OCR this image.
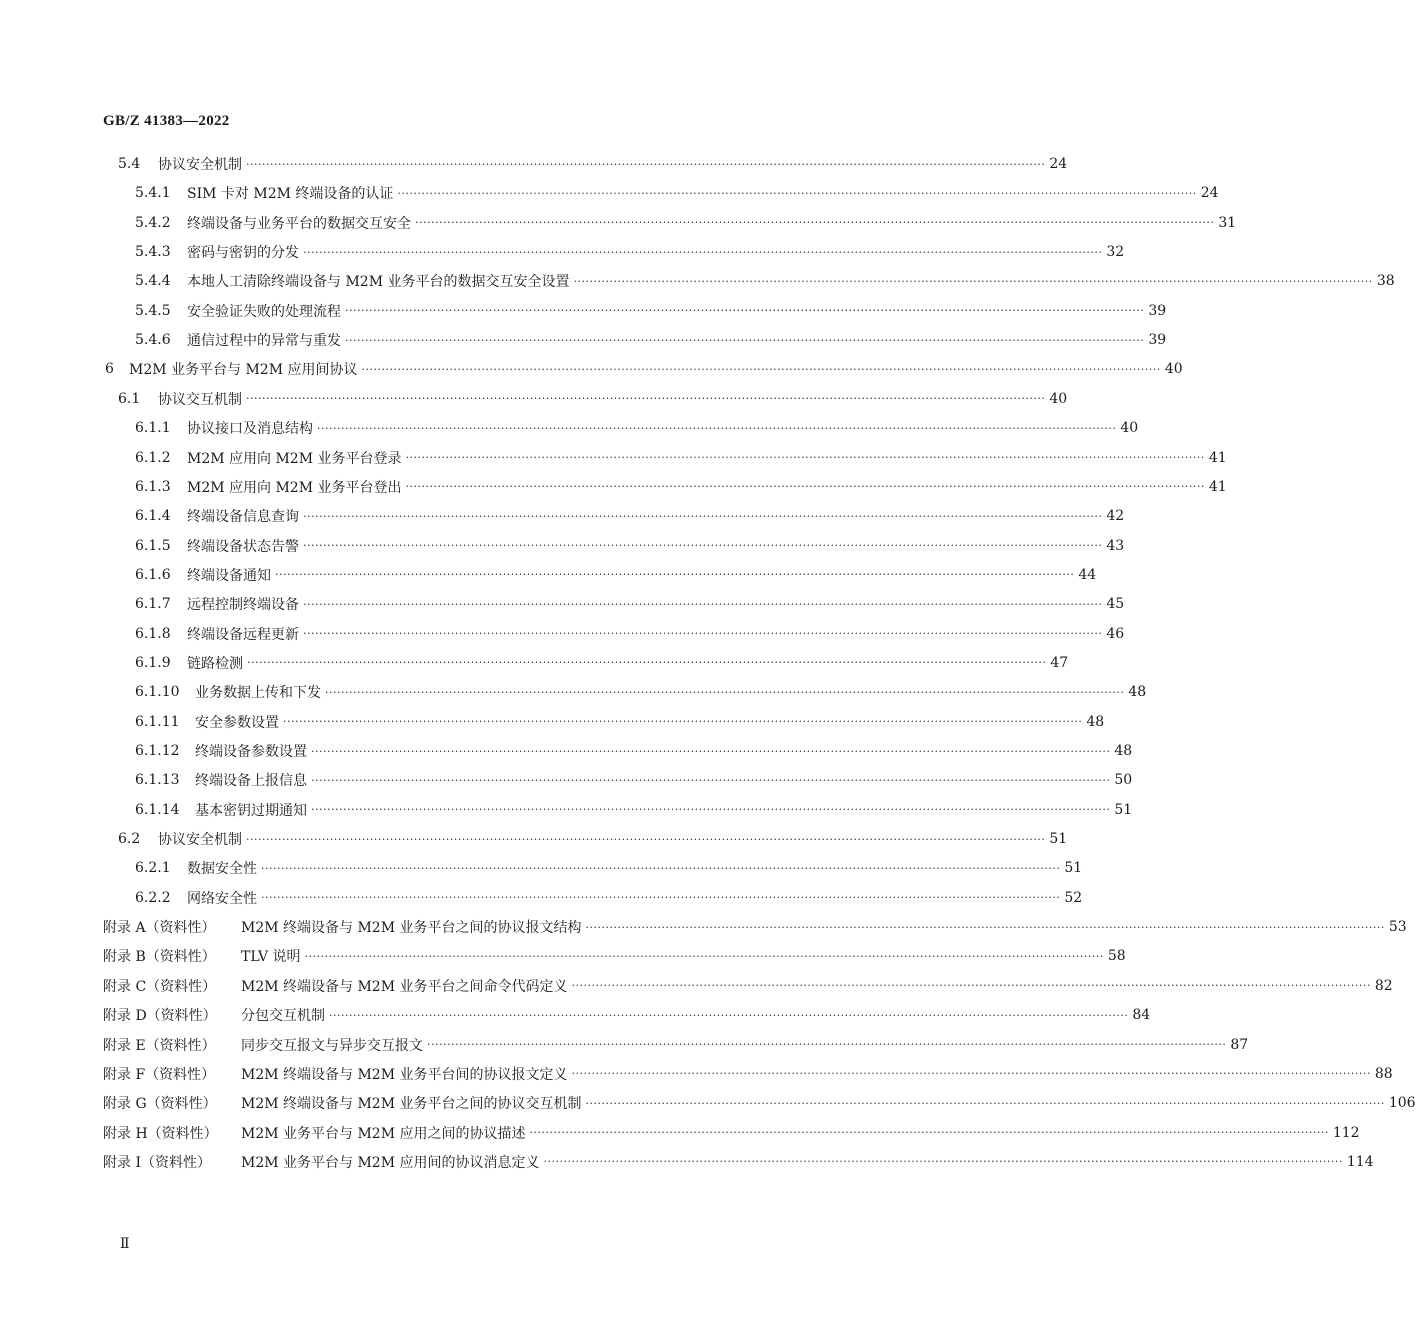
GB/Z 41383—2022
5.4	协议安全机制 ········································································································································································································ 24
5.4.1	SIM 卡对 M2M 终端设备的认证 ········································································································································································································ 24
5.4.2	终端设备与业务平台的数据交互安全 ········································································································································································································ 31
5.4.3	密码与密钥的分发 ········································································································································································································ 32
5.4.4	本地人工清除终端设备与 M2M 业务平台的数据交互安全设置 ········································································································································································································ 38
5.4.5	安全验证失败的处理流程 ········································································································································································································ 39
5.4.6	通信过程中的异常与重发 ········································································································································································································ 39
6	M2M 业务平台与 M2M 应用间协议 ········································································································································································································ 40
6.1	协议交互机制 ········································································································································································································ 40
6.1.1	协议接口及消息结构 ········································································································································································································ 40
6.1.2	M2M 应用向 M2M 业务平台登录 ········································································································································································································ 41
6.1.3	M2M 应用向 M2M 业务平台登出 ········································································································································································································ 41
6.1.4	终端设备信息查询 ········································································································································································································ 42
6.1.5	终端设备状态告警 ········································································································································································································ 43
6.1.6	终端设备通知 ········································································································································································································ 44
6.1.7	远程控制终端设备 ········································································································································································································ 45
6.1.8	终端设备远程更新 ········································································································································································································ 46
6.1.9	链路检测 ········································································································································································································ 47
6.1.10	业务数据上传和下发 ········································································································································································································ 48
6.1.11	安全参数设置 ········································································································································································································ 48
6.1.12	终端设备参数设置 ········································································································································································································ 48
6.1.13	终端设备上报信息 ········································································································································································································ 50
6.1.14	基本密钥过期通知 ········································································································································································································ 51
6.2	协议安全机制 ········································································································································································································ 51
6.2.1	数据安全性 ········································································································································································································ 51
6.2.2	网络安全性 ········································································································································································································ 52
附录 A（资料性）	M2M 终端设备与 M2M 业务平台之间的协议报文结构 ········································································································································································································ 53
附录 B（资料性）	TLV 说明 ········································································································································································································ 58
附录 C（资料性）	M2M 终端设备与 M2M 业务平台之间命令代码定义 ········································································································································································································ 82
附录 D（资料性）	分包交互机制 ········································································································································································································ 84
附录 E（资料性）	同步交互报文与异步交互报文 ········································································································································································································ 87
附录 F（资料性）	M2M 终端设备与 M2M 业务平台间的协议报文定义 ········································································································································································································ 88
附录 G（资料性）	M2M 终端设备与 M2M 业务平台之间的协议交互机制 ········································································································································································································ 106
附录 H（资料性）	M2M 业务平台与 M2M 应用之间的协议描述 ········································································································································································································ 112
附录 I（资料性）	M2M 业务平台与 M2M 应用间的协议消息定义 ········································································································································································································ 114
Ⅱ
